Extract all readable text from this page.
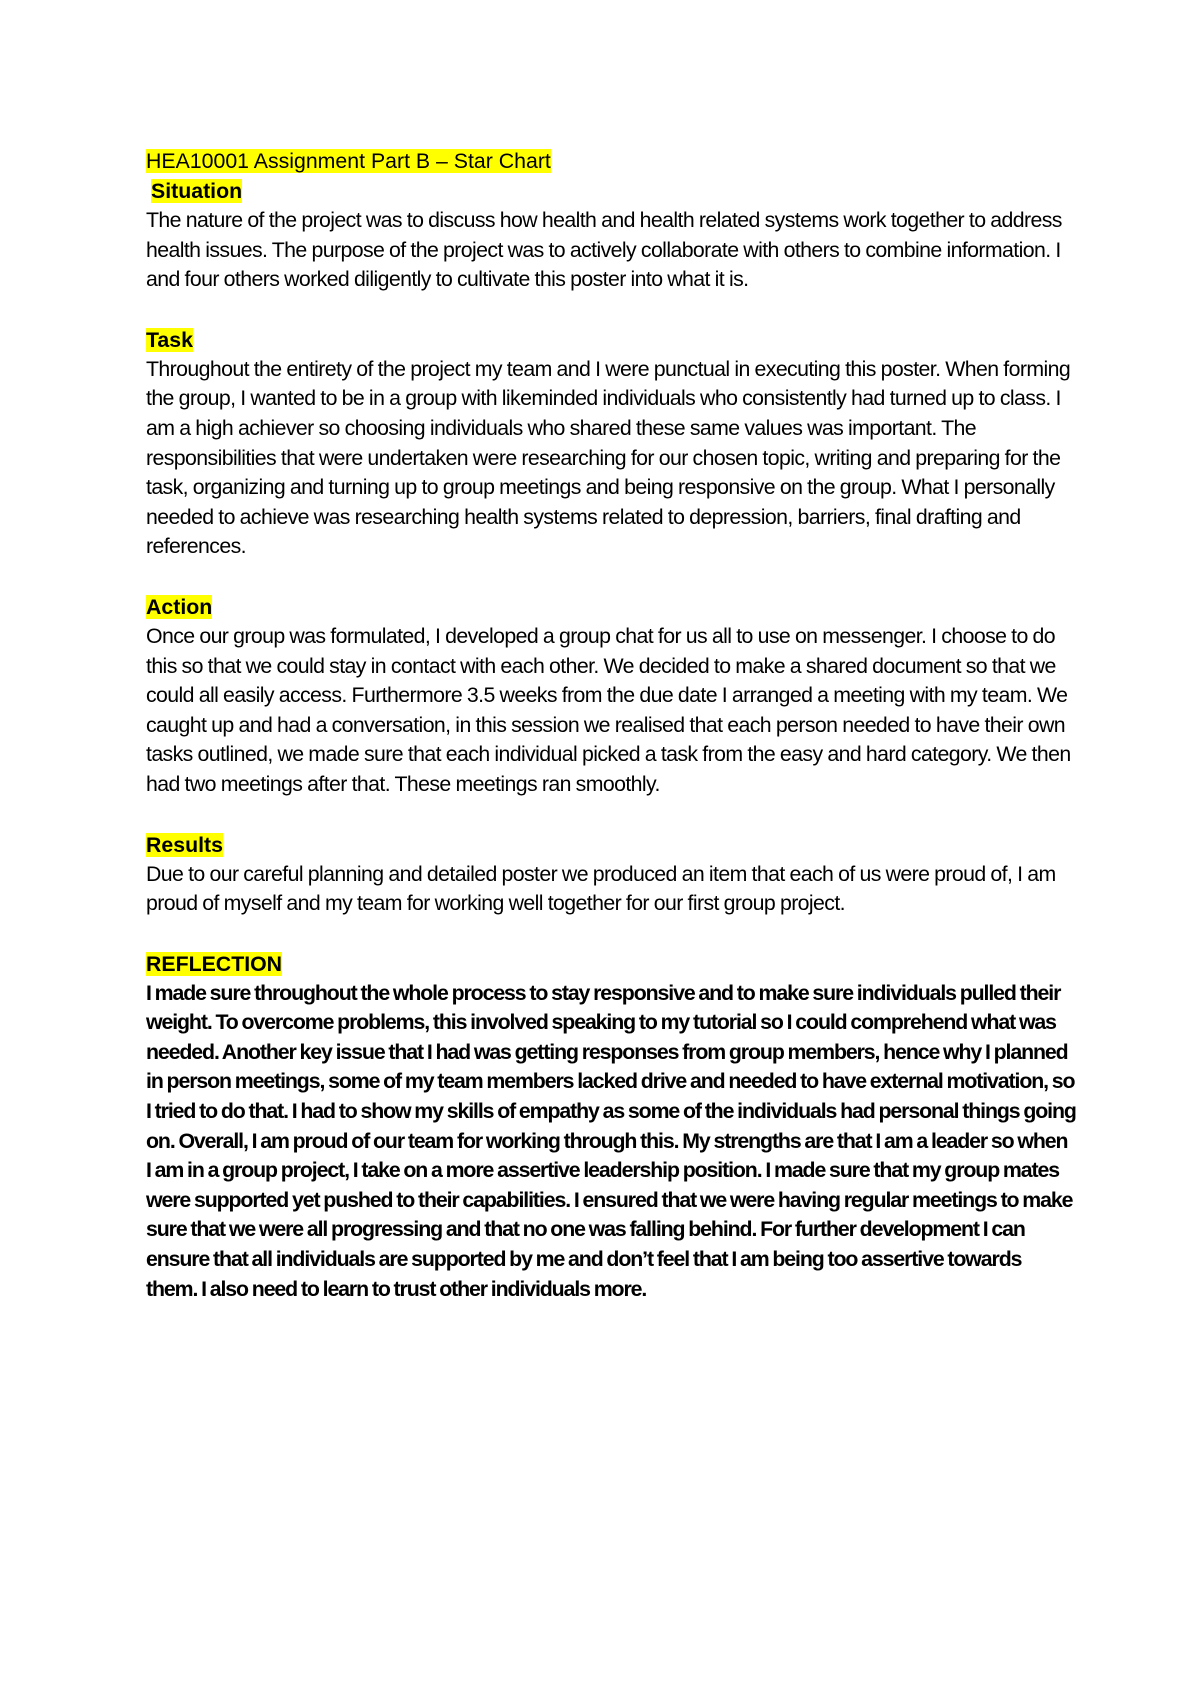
HEA10001 Assignment Part B – Star Chart

Situation

The nature of the project was to discuss how health and health related systems work together to address health issues. The purpose of the project was to actively collaborate with others to combine information. I and four others worked diligently to cultivate this poster into what it is.

Task

Throughout the entirety of the project my team and I were punctual in executing this poster. When forming the group, I wanted to be in a group with likeminded individuals who consistently had turned up to class. I am a high achiever so choosing individuals who shared these same values was important. The responsibilities that were undertaken were researching for our chosen topic, writing and preparing for the task, organizing and turning up to group meetings and being responsive on the group. What I personally needed to achieve was researching health systems related to depression, barriers, final drafting and references.

Action

Once our group was formulated, I developed a group chat for us all to use on messenger. I choose to do this so that we could stay in contact with each other. We decided to make a shared document so that we could all easily access. Furthermore 3.5 weeks from the due date I arranged a meeting with my team. We caught up and had a conversation, in this session we realised that each person needed to have their own tasks outlined, we made sure that each individual picked a task from the easy and hard category. We then had two meetings after that. These meetings ran smoothly.

Results

Due to our careful planning and detailed poster we produced an item that each of us were proud of, I am proud of myself and my team for working well together for our first group project.

REFLECTION

I made sure throughout the whole process to stay responsive and to make sure individuals pulled their weight. To overcome problems, this involved speaking to my tutorial so I could comprehend what was needed. Another key issue that I had was getting responses from group members, hence why I planned in person meetings, some of my team members lacked drive and needed to have external motivation, so I tried to do that. I had to show my skills of empathy as some of the individuals had personal things going on. Overall, I am proud of our team for working through this. My strengths are that I am a leader so when I am in a group project, I take on a more assertive leadership position. I made sure that my group mates were supported yet pushed to their capabilities. I ensured that we were having regular meetings to make sure that we were all progressing and that no one was falling behind. For further development I can ensure that all individuals are supported by me and don’t feel that I am being too assertive towards them. I also need to learn to trust other individuals more.
